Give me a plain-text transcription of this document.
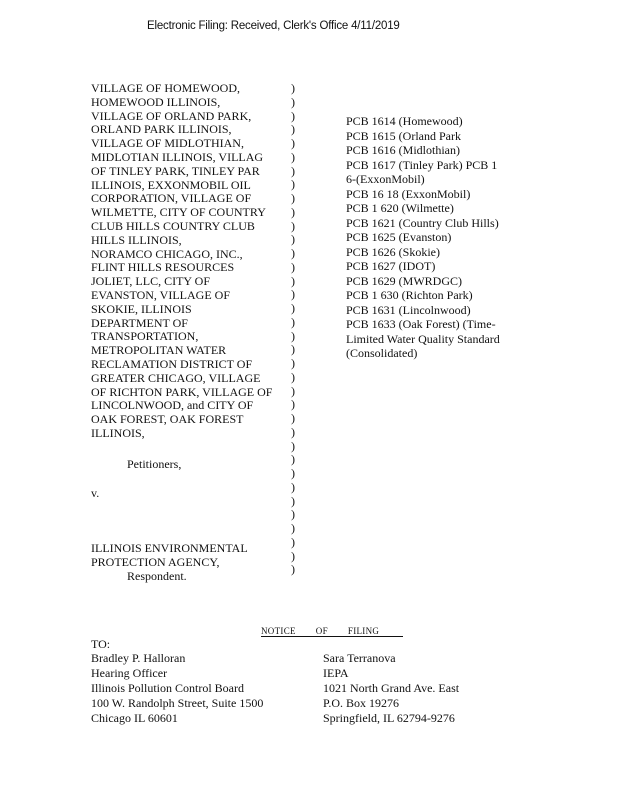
Electronic Filing: Received, Clerk's Office 4/11/2019
VILLAGE OF HOMEWOOD,
HOMEWOOD ILLINOIS,
VILLAGE OF ORLAND PARK,
ORLAND PARK ILLINOIS,
VILLAGE OF MIDLOTHIAN,
MIDLOTIAN ILLINOIS, VILLAG
OF TINLEY PARK, TINLEY PAR
ILLINOIS, EXXONMOBIL OIL
CORPORATION, VILLAGE OF
WILMETTE, CITY OF COUNTRY
CLUB HILLS COUNTRY CLUB
HILLS ILLINOIS,
NORAMCO CHICAGO, INC.,
FLINT HILLS RESOURCES
JOLIET, LLC, CITY OF
EVANSTON, VILLAGE OF
SKOKIE, ILLINOIS
DEPARTMENT OF
TRANSPORTATION,
METROPOLITAN WATER
RECLAMATION DISTRICT OF
GREATER CHICAGO, VILLAGE
OF RICHTON PARK, VILLAGE OF
LINCOLNWOOD, and CITY OF
OAK FOREST, OAK FOREST
ILLINOIS,
Petitioners,
v.
ILLINOIS ENVIRONMENTAL
PROTECTION AGENCY,
Respondent.
)
)
)
)
)
)
)
)
)
)
)
)
)
)
)
)
)
)
)
)
)
)
)
)
)
)
)
)
)
)
)
)
)
)
)
)
PCB 1614 (Homewood)
PCB 1615 (Orland Park
PCB 1616 (Midlothian)
PCB 1617 (Tinley Park) PCB 1
6-(ExxonMobil)
PCB 16 18 (ExxonMobil)
PCB 1 620 (Wilmette)
PCB 1621 (Country Club Hills)
PCB 1625 (Evanston)
PCB 1626 (Skokie)
PCB 1627 (IDOT)
PCB 1629 (MWRDGC)
PCB 1 630 (Richton Park)
PCB 1631 (Lincolnwood)
PCB 1633 (Oak Forest) (Time-
Limited Water Quality Standard
(Consolidated)
NOTICE OF FILING
TO:
Bradley P. Halloran
Hearing Officer
Illinois Pollution Control Board
100 W. Randolph Street, Suite 1500
Chicago IL 60601
Sara Terranova
IEPA
1021 North Grand Ave. East
P.O. Box 19276
Springfield, IL 62794-9276
